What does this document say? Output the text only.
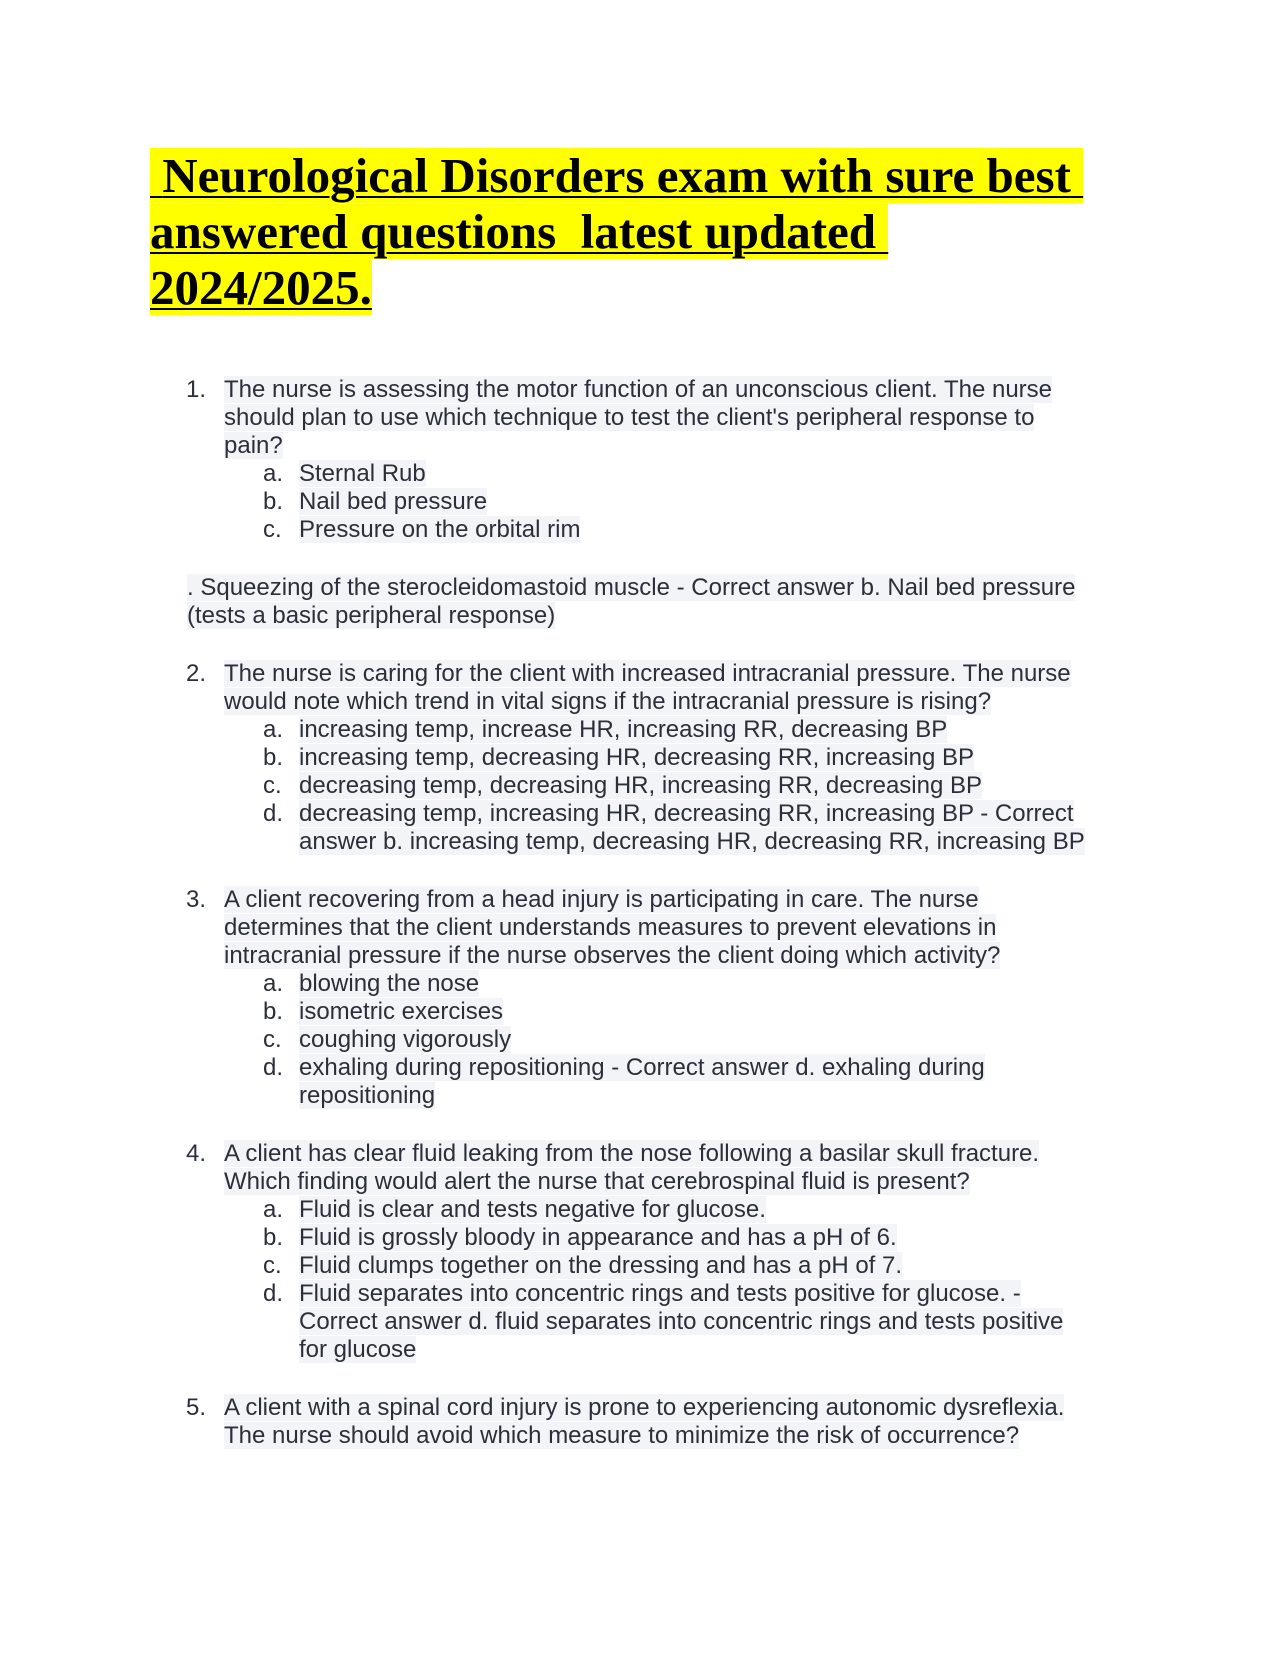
Neurological Disorders exam with sure best answered questions  latest updated 2024/2025.
1. The nurse is assessing the motor function of an unconscious client. The nurse
should plan to use which technique to test the client's peripheral response to
pain?
a. Sternal Rub
b. Nail bed pressure
c. Pressure on the orbital rim
. Squeezing of the sterocleidomastoid muscle - Correct answer b. Nail bed pressure
(tests a basic peripheral response)
2. The nurse is caring for the client with increased intracranial pressure. The nurse
would note which trend in vital signs if the intracranial pressure is rising?
a. increasing temp, increase HR, increasing RR, decreasing BP
b. increasing temp, decreasing HR, decreasing RR, increasing BP
c. decreasing temp, decreasing HR, increasing RR, decreasing BP
d. decreasing temp, increasing HR, decreasing RR, increasing BP - Correct
answer b. increasing temp, decreasing HR, decreasing RR, increasing BP
3. A client recovering from a head injury is participating in care. The nurse
determines that the client understands measures to prevent elevations in
intracranial pressure if the nurse observes the client doing which activity?
a. blowing the nose
b. isometric exercises
c. coughing vigorously
d. exhaling during repositioning - Correct answer d. exhaling during
repositioning
4. A client has clear fluid leaking from the nose following a basilar skull fracture.
Which finding would alert the nurse that cerebrospinal fluid is present?
a. Fluid is clear and tests negative for glucose.
b. Fluid is grossly bloody in appearance and has a pH of 6.
c. Fluid clumps together on the dressing and has a pH of 7.
d. Fluid separates into concentric rings and tests positive for glucose. -
Correct answer d. fluid separates into concentric rings and tests positive
for glucose
5. A client with a spinal cord injury is prone to experiencing autonomic dysreflexia.
The nurse should avoid which measure to minimize the risk of occurrence?
